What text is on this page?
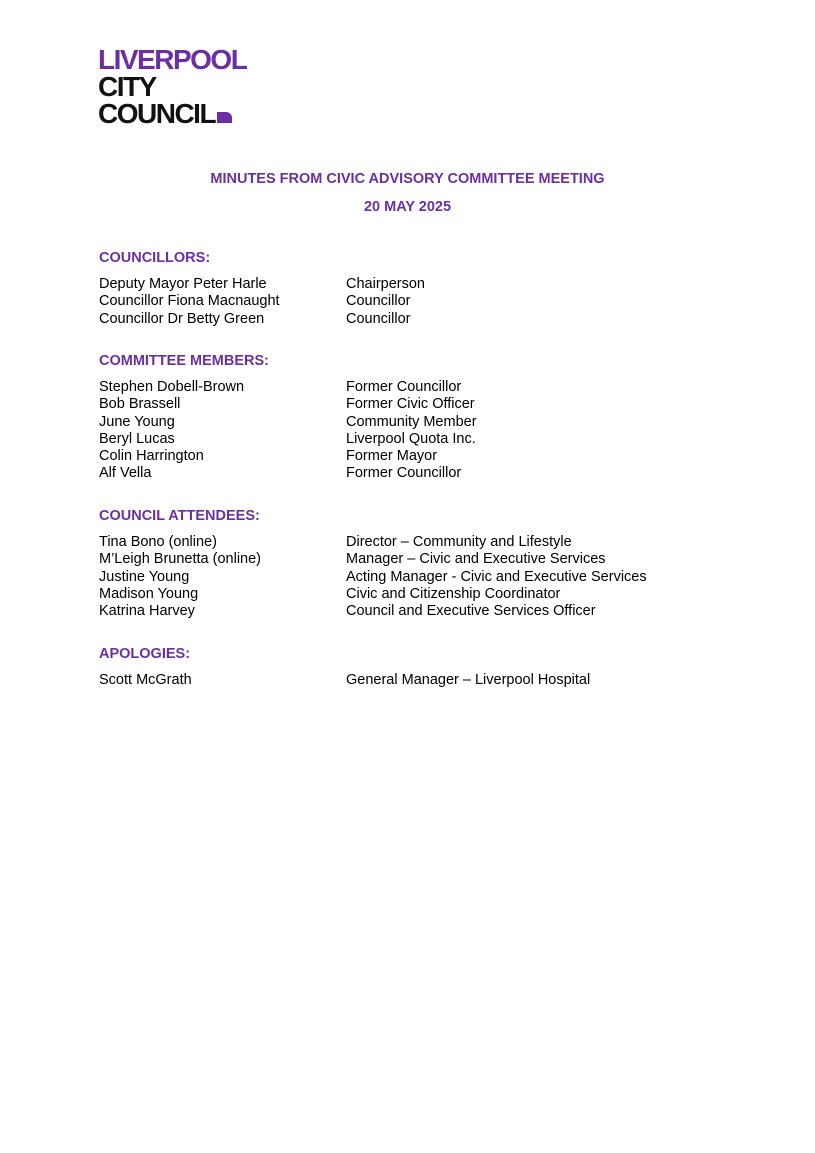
LIVERPOOL
CITY
COUNCIL
MINUTES FROM CIVIC ADVISORY COMMITTEE MEETING
20 MAY 2025
COUNCILLORS:
Deputy Mayor Peter Harle	Chairperson
Councillor Fiona Macnaught	Councillor
Councillor Dr Betty Green	Councillor
COMMITTEE MEMBERS:
Stephen Dobell-Brown	Former Councillor
Bob Brassell	Former Civic Officer
June Young	Community Member
Beryl Lucas	Liverpool Quota Inc.
Colin Harrington	Former Mayor
Alf Vella	Former Councillor
COUNCIL ATTENDEES:
Tina Bono (online)	Director – Community and Lifestyle
M’Leigh Brunetta (online)	Manager – Civic and Executive Services
Justine Young	Acting Manager - Civic and Executive Services
Madison Young	Civic and Citizenship Coordinator
Katrina Harvey	Council and Executive Services Officer
APOLOGIES:
Scott McGrath	General Manager – Liverpool Hospital
